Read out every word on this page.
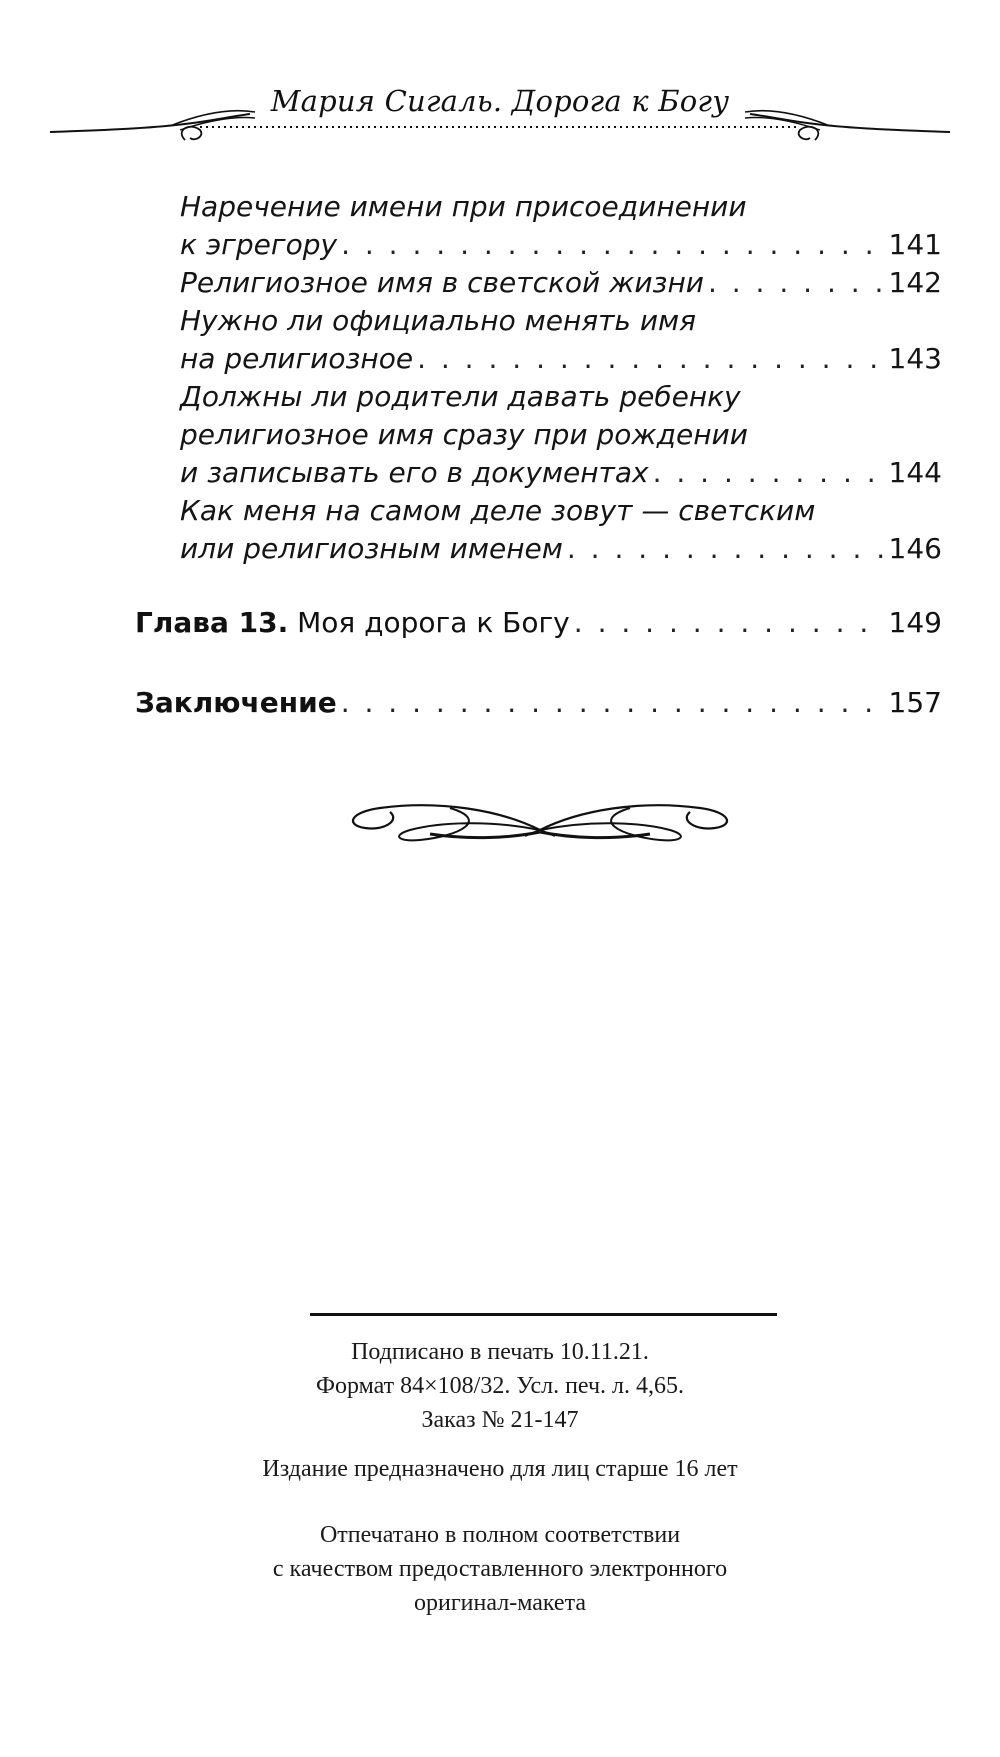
Мария Сигаль. Дорога к Богу
Наречение имени при присоединении
к эгрегору . . .	141
Религиозное имя в светской жизни . . .	142
Нужно ли официально менять имя
на религиозное . . .	143
Должны ли родители давать ребенку
религиозное имя сразу при рождении
и записывать его в документах . . .	144
Как меня на самом деле зовут — светским
или религиозным именем . . .	146
Глава 13. Моя дорога к Богу . . .	149
Заключение . . .	157
Подписано в печать 10.11.21.
Формат 84×108/32. Усл. печ. л. 4,65.
Заказ № 21-147
Издание предназначено для лиц старше 16 лет
Отпечатано в полном соответствии
с качеством предоставленного электронного
оригинал-макета
